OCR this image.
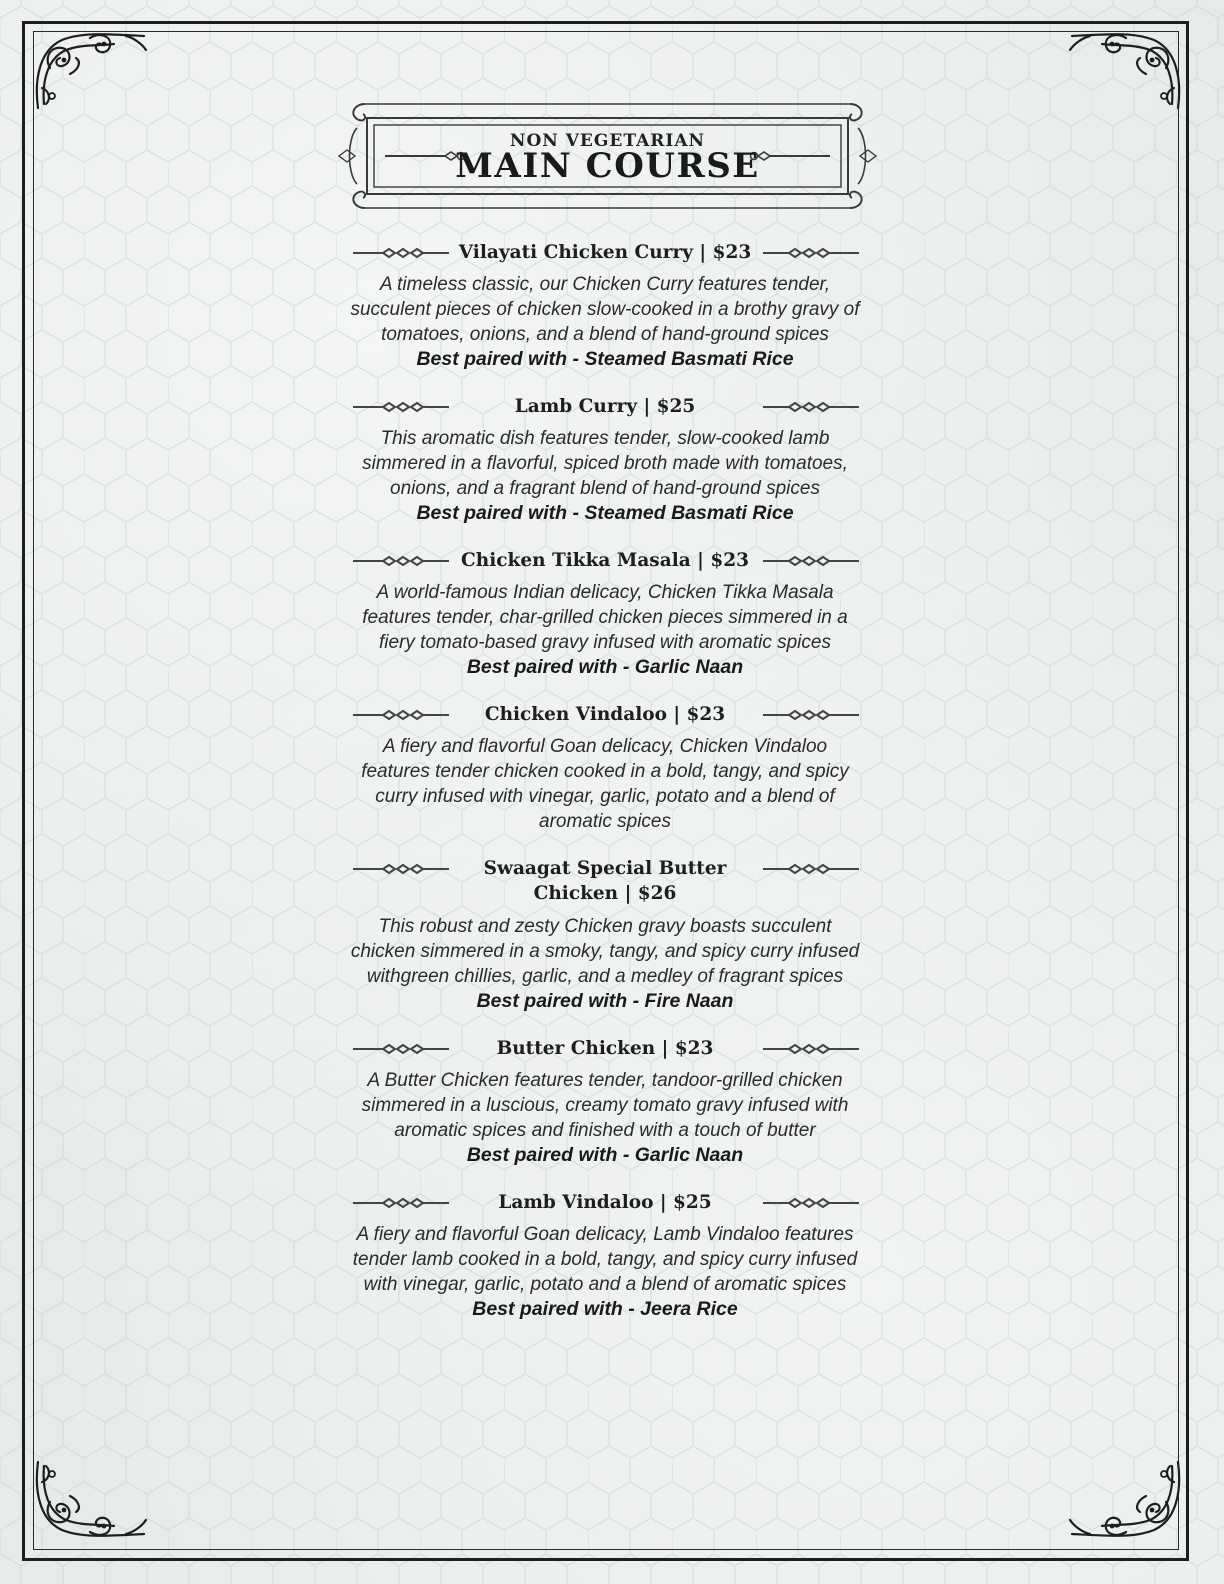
NON VEGETARIAN
MAIN COURSE
Vilayati Chicken Curry | $23
A timeless classic, our Chicken Curry features tender, succulent pieces of chicken slow-cooked in a brothy gravy of tomatoes, onions, and a blend of hand-ground spices
Best paired with - Steamed Basmati Rice
Lamb Curry | $25
This aromatic dish features tender, slow-cooked lamb simmered in a flavorful, spiced broth made with tomatoes, onions, and a fragrant blend of hand-ground spices
Best paired with - Steamed Basmati Rice
Chicken Tikka Masala | $23
A world-famous Indian delicacy, Chicken Tikka Masala features tender, char-grilled chicken pieces simmered in a fiery tomato-based gravy infused with aromatic spices
Best paired with - Garlic Naan
Chicken Vindaloo | $23
A fiery and flavorful Goan delicacy, Chicken Vindaloo features tender chicken cooked in a bold, tangy, and spicy curry infused with vinegar, garlic, potato and a blend of aromatic spices
Swaagat Special Butter Chicken | $26
This robust and zesty Chicken gravy boasts succulent chicken simmered in a smoky, tangy, and spicy curry infused withgreen chillies, garlic, and a medley of fragrant spices
Best paired with - Fire Naan
Butter Chicken | $23
A Butter Chicken features tender, tandoor-grilled chicken simmered in a luscious, creamy tomato gravy infused with aromatic spices and finished with a touch of butter
Best paired with - Garlic Naan
Lamb Vindaloo | $25
A fiery and flavorful Goan delicacy, Lamb Vindaloo features tender lamb cooked in a bold, tangy, and spicy curry infused with vinegar, garlic, potato and a blend of aromatic spices
Best paired with - Jeera Rice
